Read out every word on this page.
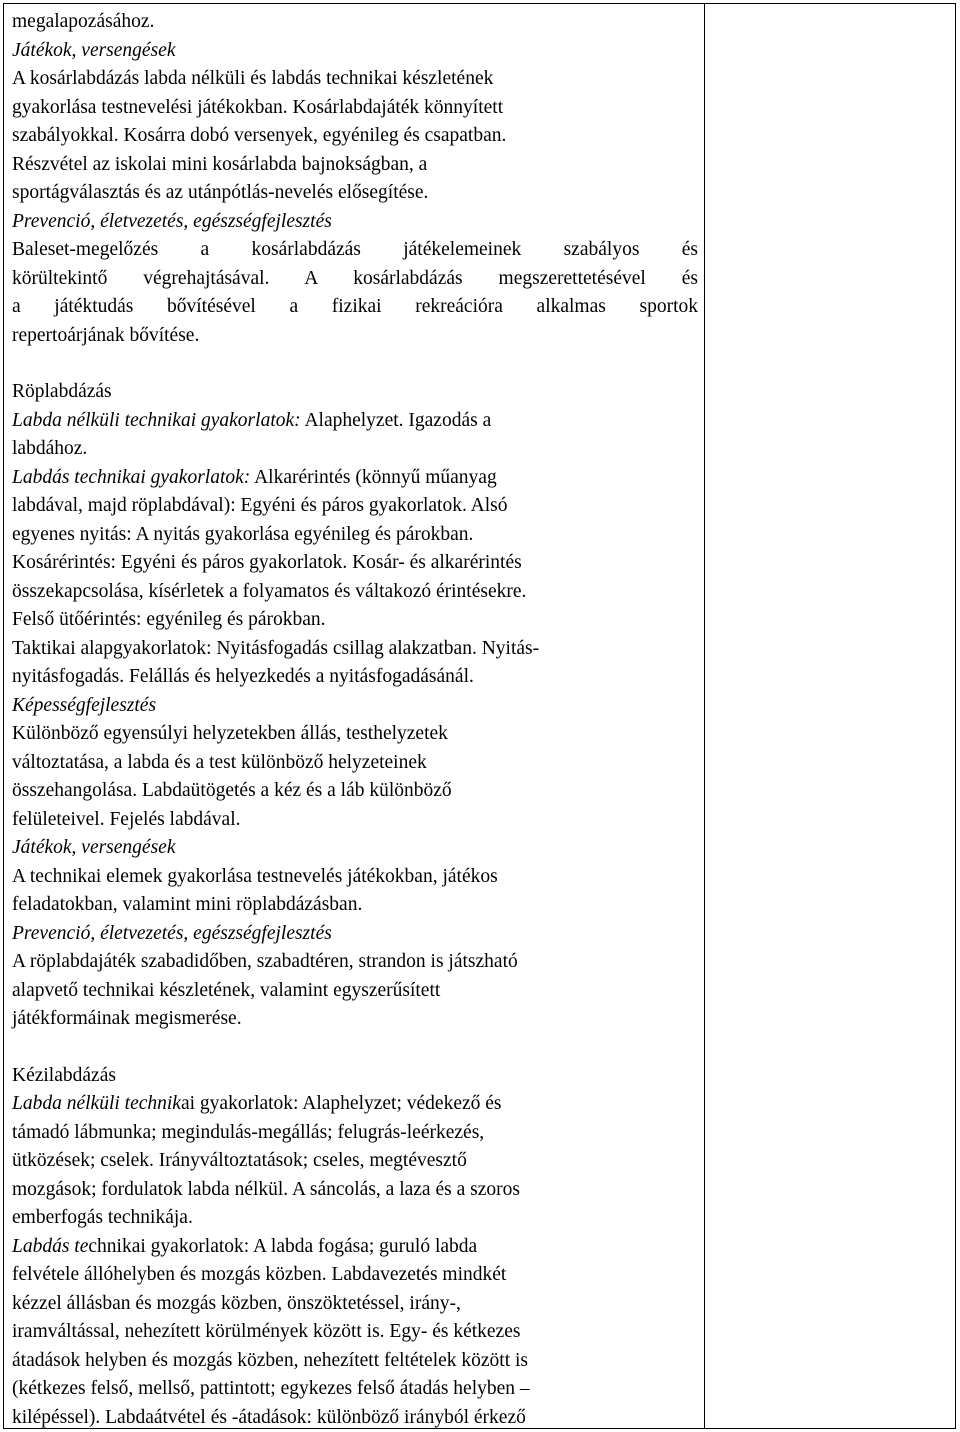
megalapozásához.
Játékok, versengések
A kosárlabdázás labda nélküli és labdás technikai készletének
gyakorlása testnevelési játékokban. Kosárlabdajáték könnyített
szabályokkal. Kosárra dobó versenyek, egyénileg és csapatban.
Részvétel az iskolai mini kosárlabda bajnokságban, a
sportágválasztás és az utánpótlás-nevelés elősegítése.
Prevenció, életvezetés, egészségfejlesztés
Baleset-megelőzés a kosárlabdázás játékelemeinek szabályos és
körültekintő végrehajtásával. A kosárlabdázás megszerettetésével és
a játéktudás bővítésével a fizikai rekreációra alkalmas sportok
repertoárjának bővítése.
Röplabdázás
Labda nélküli technikai gyakorlatok: Alaphelyzet. Igazodás a
labdához.
Labdás technikai gyakorlatok: Alkarérintés (könnyű műanyag
labdával, majd röplabdával): Egyéni és páros gyakorlatok. Alsó
egyenes nyitás: A nyitás gyakorlása egyénileg és párokban.
Kosárérintés: Egyéni és páros gyakorlatok. Kosár- és alkarérintés
összekapcsolása, kísérletek a folyamatos és váltakozó érintésekre.
Felső ütőérintés: egyénileg és párokban.
Taktikai alapgyakorlatok: Nyitásfogadás csillag alakzatban. Nyitás-
nyitásfogadás. Felállás és helyezkedés a nyitásfogadásánál.
Képességfejlesztés
Különböző egyensúlyi helyzetekben állás, testhelyzetek
változtatása, a labda és a test különböző helyzeteinek
összehangolása. Labdaütögetés a kéz és a láb különböző
felületeivel. Fejelés labdával.
Játékok, versengések
A technikai elemek gyakorlása testnevelés játékokban, játékos
feladatokban, valamint mini röplabdázásban.
Prevenció, életvezetés, egészségfejlesztés
A röplabdajáték szabadidőben, szabadtéren, strandon is játszható
alapvető technikai készletének, valamint egyszerűsített
játékformáinak megismerése.
Kézilabdázás
Labda nélküli technikai gyakorlatok: Alaphelyzet; védekező és
támadó lábmunka; megindulás-megállás; felugrás-leérkezés,
ütközések; cselek. Irányváltoztatások; cseles, megtévesztő
mozgások; fordulatok labda nélkül. A sáncolás, a laza és a szoros
emberfogás technikája.
Labdás technikai gyakorlatok: A labda fogása; guruló labda
felvétele állóhelyben és mozgás közben. Labdavezetés mindkét
kézzel állásban és mozgás közben, önszöktetéssel, irány-,
iramváltással, nehezített körülmények között is. Egy- és kétkezes
átadások helyben és mozgás közben, nehezített feltételek között is
(kétkezes felső, mellső, pattintott; egykezes felső átadás helyben –
kilépéssel). Labdaátvétel és -átadások: különböző irányból érkező
